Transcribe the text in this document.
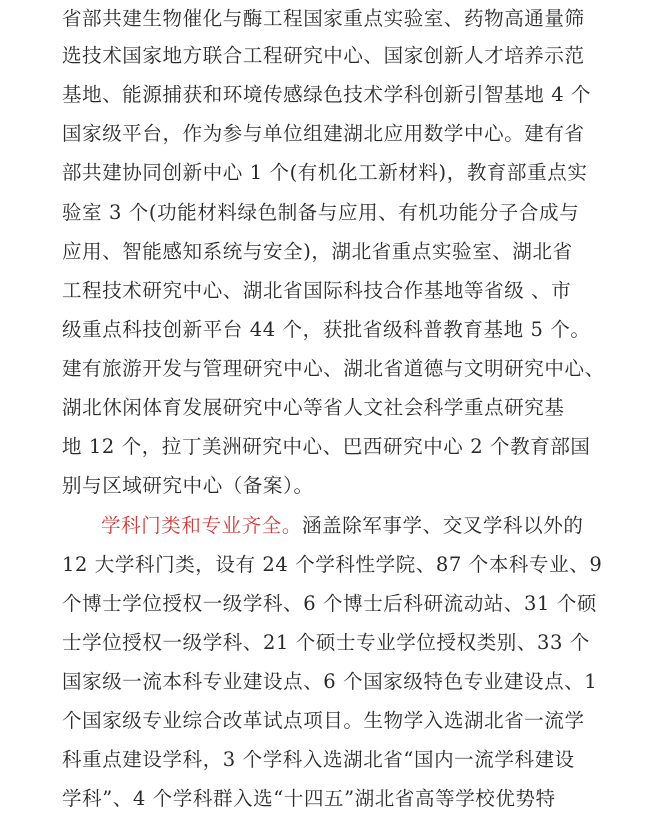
省部共建生物催化与酶工程国家重点实验室、药物高通量筛
选技术国家地方联合工程研究中心、国家创新人才培养示范
基地、能源捕获和环境传感绿色技术学科创新引智基地 4 个
国家级平台，作为参与单位组建湖北应用数学中心。建有省
部共建协同创新中心 1 个(有机化工新材料)，教育部重点实
验室 3 个(功能材料绿色制备与应用、有机功能分子合成与
应用、智能感知系统与安全)，湖北省重点实验室、湖北省
工程技术研究中心、湖北省国际科技合作基地等省级 、市
级重点科技创新平台 44 个，获批省级科普教育基地 5 个。
建有旅游开发与管理研究中心、湖北省道德与文明研究中心、
湖北休闲体育发展研究中心等省人文社会科学重点研究基
地 12 个，拉丁美洲研究中心、巴西研究中心 2 个教育部国
别与区域研究中心（备案）。
学科门类和专业齐全。涵盖除军事学、交叉学科以外的
12 大学科门类，设有 24 个学科性学院、87 个本科专业、9
个博士学位授权一级学科、6 个博士后科研流动站、31 个硕
士学位授权一级学科、21 个硕士专业学位授权类别、33 个
国家级一流本科专业建设点、6 个国家级特色专业建设点、1
个国家级专业综合改革试点项目。生物学入选湖北省一流学
科重点建设学科，3 个学科入选湖北省“国内一流学科建设
学科”、4 个学科群入选“十四五”湖北省高等学校优势特
